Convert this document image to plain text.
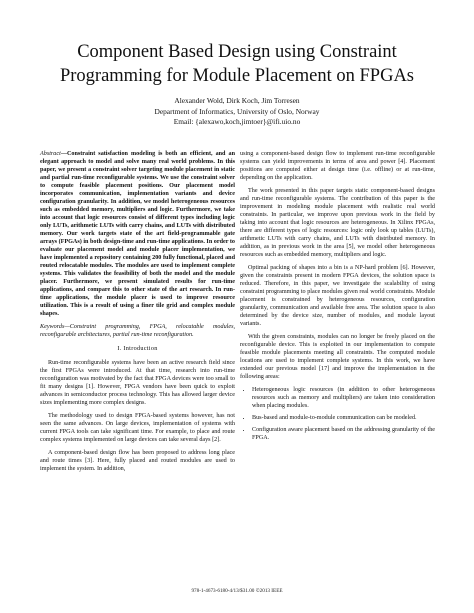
Component Based Design using Constraint
Programming for Module Placement on FPGAs
Alexander Wold, Dirk Koch, Jim Torresen
Department of Informatics, University of Oslo, Norway
Email: {alexawo,koch,jimtoer}@ifi.uio.no

Abstract—Constraint satisfaction modeling is both an efficient, and an elegant approach to model and solve many real world problems. In this paper, we present a constraint solver targeting module placement in static and partial run-time reconfigurable systems. We use the constraint solver to compute feasible placement positions. Our placement model incorporates communication, implementation variants and device configuration granularity. In addition, we model heterogeneous resources such as embedded memory, multipliers and logic. Furthermore, we take into account that logic resources consist of different types including logic only LUTs, arithmetic LUTs with carry chains, and LUTs with distributed memory. Our work targets state of the art field-programmable gate arrays (FPGAs) in both design-time and run-time applications. In order to evaluate our placement model and module placer implementation, we have implemented a repository containing 200 fully functional, placed and routed relocatable modules. The modules are used to implement complete systems. This validates the feasibility of both the model and the module placer. Furthermore, we present simulated results for run-time applications, and compare this to other state of the art research. In run-time applications, the module placer is used to improve resource utilization. This is a result of using a finer tile grid and complex module shapes.

Keywords—Constraint programming, FPGA, relocatable modules, reconfigurable architectures, partial run-time reconfiguration.

I. Introduction

Run-time reconfigurable systems have been an active research field since the first FPGAs were introduced. At that time, research into run-time reconfiguration was motivated by the fact that FPGA devices were too small to fit many designs [1]. However, FPGA vendors have been quick to exploit advances in semiconductor process technology. This has allowed larger device sizes implementing more complex designs.

The methodology used to design FPGA-based systems however, has not seen the same advances. On large devices, implementation of systems with current FPGA tools can take significant time. For example, to place and route complex systems implemented on large devices can take several days [2].

A component-based design flow has been proposed to address long place and route times [3]. Here, fully placed and routed modules are used to implement the system. In addition,

using a component-based design flow to implement run-time reconfigurable systems can yield improvements in terms of area and power [4]. Placement positions are computed either at design time (i.e. offline) or at run-time, depending on the application.

The work presented in this paper targets static component-based designs and run-time reconfigurable systems. The contribution of this paper is the improvement in modeling module placement with realistic real world constraints. In particular, we improve upon previous work in the field by taking into account that logic resources are heterogeneous. In Xilinx FPGAs, there are different types of logic resources: logic only look up tables (LUTs), arithmetic LUTs with carry chains, and LUTs with distributed memory. In addition, as in previous work in the area [5], we model other heterogeneous resources such as embedded memory, multipliers and logic.

Optimal packing of shapes into a bin is a NP-hard problem [6]. However, given the constraints present in modern FPGA devices, the solution space is reduced. Therefore, in this paper, we investigate the scalability of using constraint programming to place modules given real world constraints. Module placement is constrained by heterogeneous resources, configuration granularity, communication and available free area. The solution space is also determined by the device size, number of modules, and module layout variants.

With the given constraints, modules can no longer be freely placed on the reconfigurable device. This is exploited in our implementation to compute feasible module placements meeting all constraints. The computed module locations are used to implement complete systems. In this work, we have extended our previous model [17] and improve the implementation in the following areas:

• Heterogeneous logic resources (in addition to other heterogeneous resources such as memory and multipliers) are taken into consideration when placing modules.
• Bus-based and module-to-module communication can be modeled.
• Configuration aware placement based on the addressing granularity of the FPGA.
978-1-4673-6180-4/13/$31.00 ©2013 IEEE
